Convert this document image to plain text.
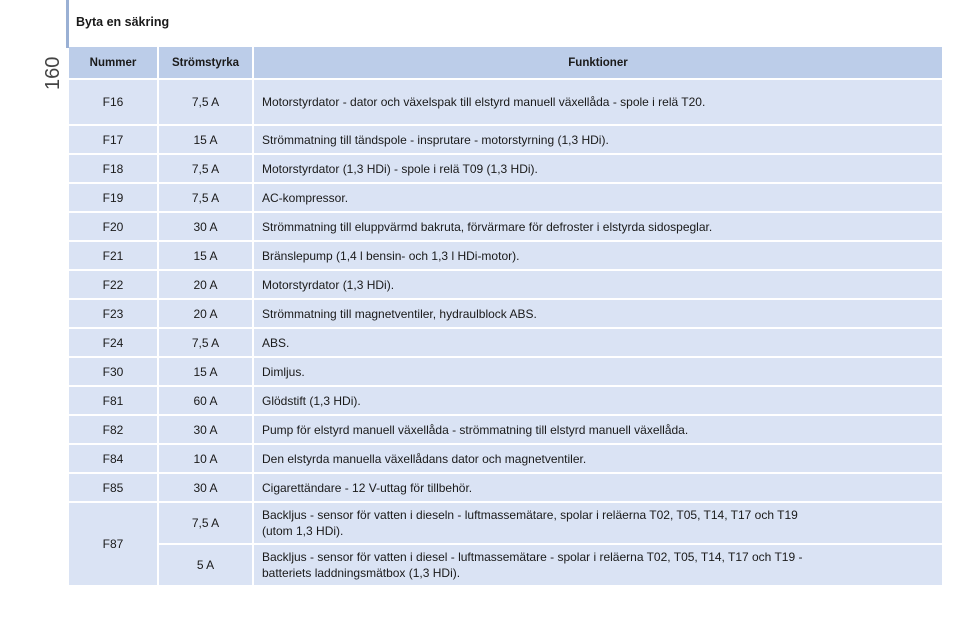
160
Byta en säkring
Nummer	Strömstyrka	Funktioner
F16	7,5 A	Motorstyrdator - dator och växelspak till elstyrd manuell växellåda - spole i relä T20.
F17	15 A	Strömmatning till tändspole - insprutare - motorstyrning (1,3 HDi).
F18	7,5 A	Motorstyrdator (1,3 HDi) - spole i relä T09 (1,3 HDi).
F19	7,5 A	AC-kompressor.
F20	30 A	Strömmatning till eluppvärmd bakruta, förvärmare för defroster i elstyrda sidospeglar.
F21	15 A	Bränslepump (1,4 l bensin- och 1,3 l HDi-motor).
F22	20 A	Motorstyrdator (1,3 HDi).
F23	20 A	Strömmatning till magnetventiler, hydraulblock ABS.
F24	7,5 A	ABS.
F30	15 A	Dimljus.
F81	60 A	Glödstift (1,3 HDi).
F82	30 A	Pump för elstyrd manuell växellåda - strömmatning till elstyrd manuell växellåda.
F84	10 A	Den elstyrda manuella växellådans dator och magnetventiler.
F85	30 A	Cigarettändare - 12 V-uttag för tillbehör.
F87	7,5 A	Backljus - sensor för vatten i dieseln - luftmassemätare, spolar i reläerna T02, T05, T14, T17 och T19 (utom 1,3 HDi).
	5 A	Backljus - sensor för vatten i diesel - luftmassemätare - spolar i reläerna T02, T05, T14, T17 och T19 - batteriets laddningsmätbox (1,3 HDi).
